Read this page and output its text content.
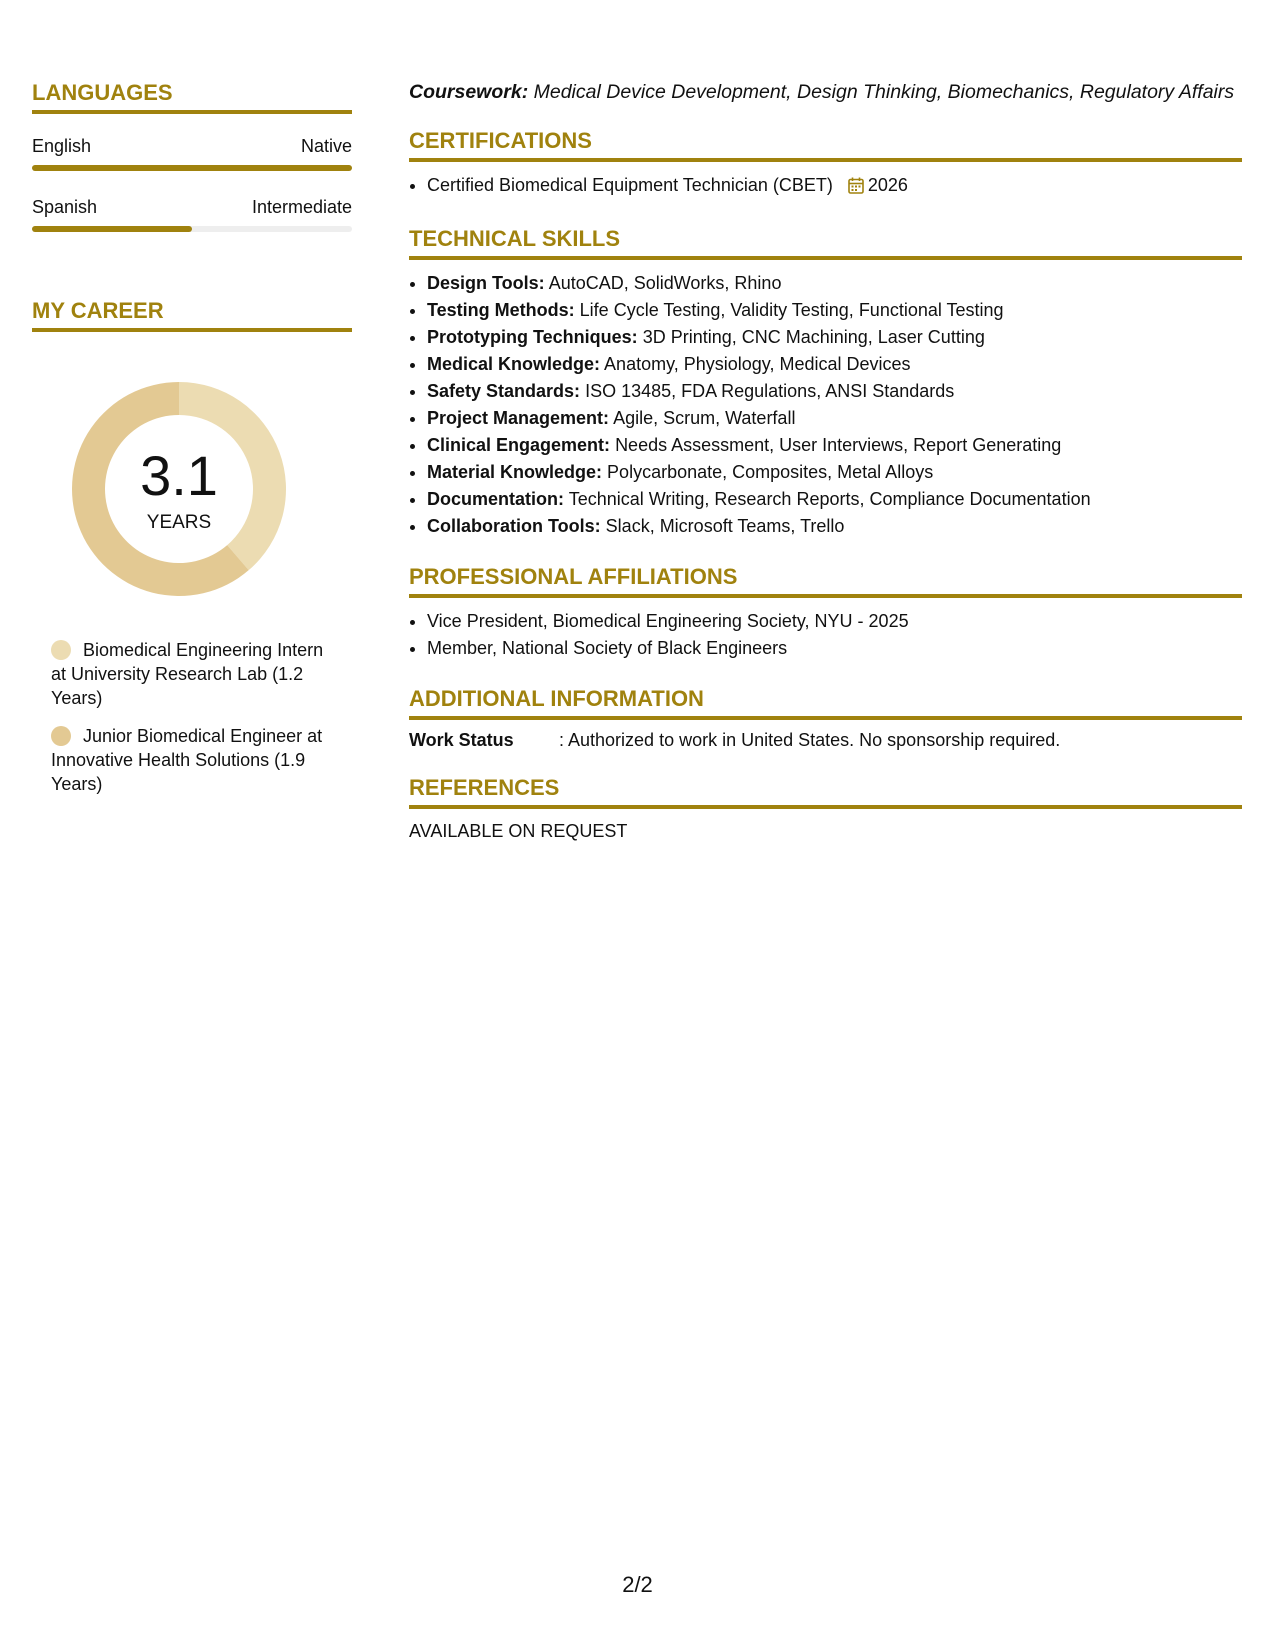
LANGUAGES
English	Native
Spanish	Intermediate
MY CAREER
3.1
YEARS
Biomedical Engineering Intern at University Research Lab (1.2 Years)
Junior Biomedical Engineer at Innovative Health Solutions (1.9 Years)

Coursework: Medical Device Development, Design Thinking, Biomechanics, Regulatory Affairs

CERTIFICATIONS
• Certified Biomedical Equipment Technician (CBET) 2026
TECHNICAL SKILLS
• Design Tools: AutoCAD, SolidWorks, Rhino
• Testing Methods: Life Cycle Testing, Validity Testing, Functional Testing
• Prototyping Techniques: 3D Printing, CNC Machining, Laser Cutting
• Medical Knowledge: Anatomy, Physiology, Medical Devices
• Safety Standards: ISO 13485, FDA Regulations, ANSI Standards
• Project Management: Agile, Scrum, Waterfall
• Clinical Engagement: Needs Assessment, User Interviews, Report Generating
• Material Knowledge: Polycarbonate, Composites, Metal Alloys
• Documentation: Technical Writing, Research Reports, Compliance Documentation
• Collaboration Tools: Slack, Microsoft Teams, Trello
PROFESSIONAL AFFILIATIONS
• Vice President, Biomedical Engineering Society, NYU - 2025
• Member, National Society of Black Engineers
ADDITIONAL INFORMATION
Work Status	: Authorized to work in United States. No sponsorship required.
REFERENCES
AVAILABLE ON REQUEST
2/2
